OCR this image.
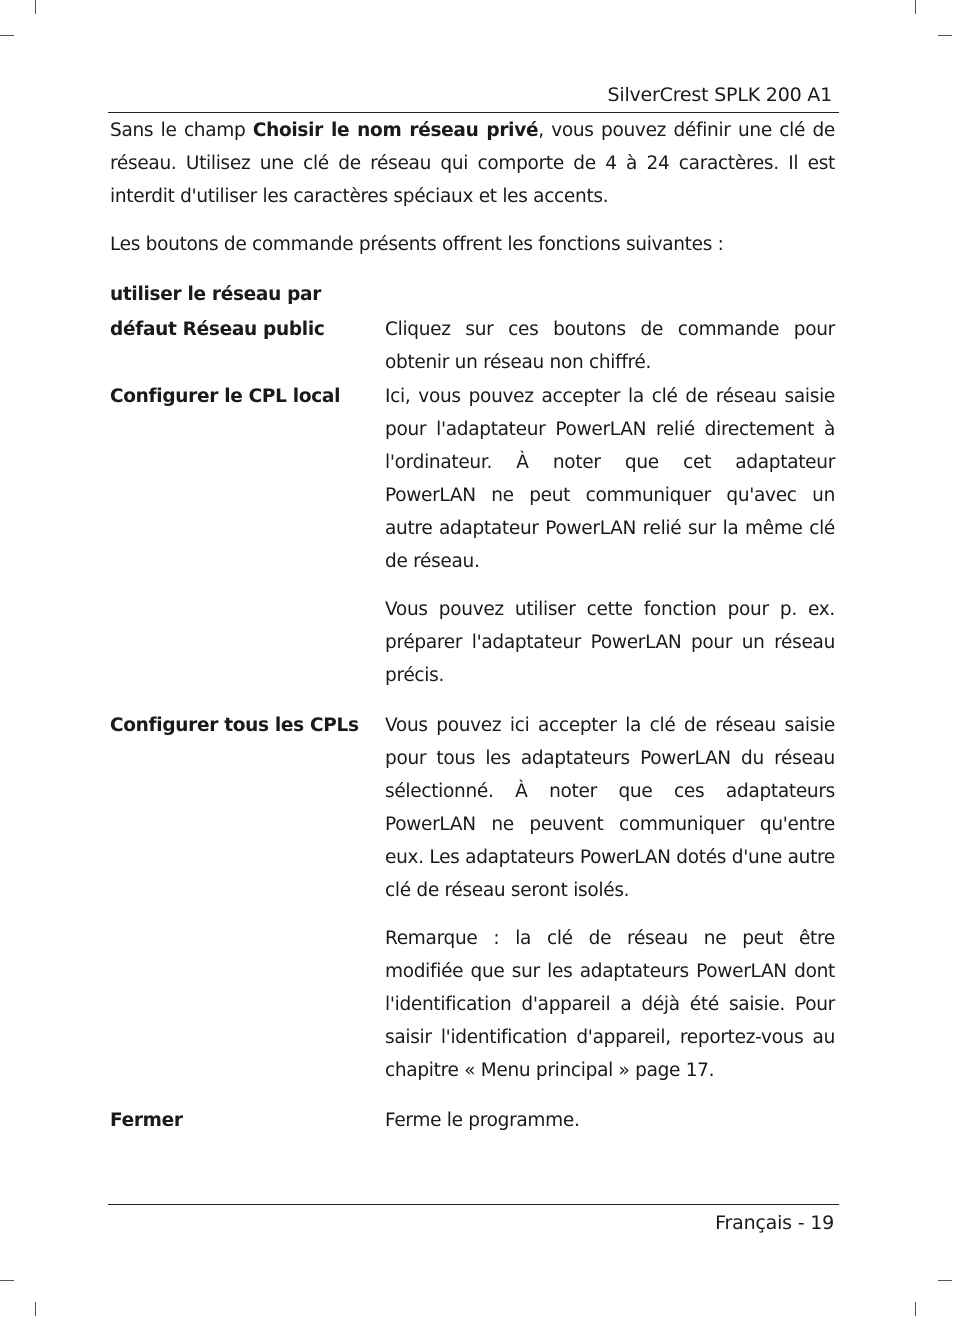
SilverCrest SPLK 200 A1
Sans le champ Choisir le nom réseau privé, vous pouvez définir une clé de réseau. Utilisez une clé de réseau qui comporte de 4 à 24 caractères. Il est interdit d'utiliser les caractères spéciaux et les accents.
Les boutons de commande présents offrent les fonctions suivantes :
utiliser le réseau par
défaut Réseau public	Cliquez sur ces boutons de commande pour obtenir un réseau non chiffré.
Configurer le CPL local	Ici, vous pouvez accepter la clé de réseau saisie pour l'adaptateur PowerLAN relié directement à l'ordinateur. À noter que cet adaptateur PowerLAN ne peut communiquer qu'avec un autre adaptateur PowerLAN relié sur la même clé de réseau.
Vous pouvez utiliser cette fonction pour p. ex. préparer l'adaptateur PowerLAN pour un réseau précis.
Configurer tous les CPLs	Vous pouvez ici accepter la clé de réseau saisie pour tous les adaptateurs PowerLAN du réseau sélectionné. À noter que ces adaptateurs PowerLAN ne peuvent communiquer qu'entre eux. Les adaptateurs PowerLAN dotés d'une autre clé de réseau seront isolés.
Remarque : la clé de réseau ne peut être modifiée que sur les adaptateurs PowerLAN dont l'identification d'appareil a déjà été saisie. Pour saisir l'identification d'appareil, reportez-vous au chapitre « Menu principal » page 17.
Fermer	Ferme le programme.
Français - 19
